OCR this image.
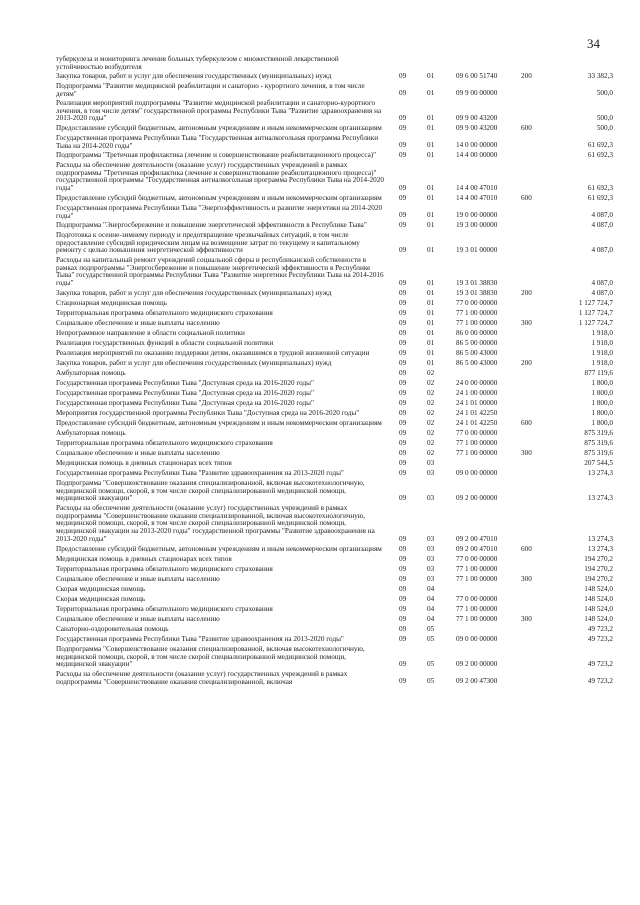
34
туберкулеза и мониторинга лечения больных туберкулезом с множественной лекарственной устойчивостью возбудителя
Закупка товаров, работ и услуг для обеспечения государственных (муниципальных) нужд	09	01	09 6 00 51740	200	33 382,3
Подпрограмма "Развитие медицинской реабилитации и санаторно - курортного лечения, в том числе детям"	09	01	09 9 00 00000	500,0
Реализация мероприятий подпрограммы "Развитие медицинской реабилитации и санаторно-курортного лечения, в том числе детям" государственной программы Республики Тыва "Развитие здравоохранения на 2013-2020 годы"	09	01	09 9 00 43200	500,0
Предоставление субсидий бюджетным, автономным учреждениям и иным некоммерческим организациям	09	01	09 9 00 43200	600	500,0
Государственная программа Республики Тыва "Государственная антиалкогольная программа Республики Тыва на 2014-2020 годы"	09	01	14 0 00 00000	61 692,3
Подпрограмма "Третичная профилактика (лечение и совершенствование реабилитационного процесса)"	09	01	14 4 00 00000	61 692,3
Расходы на обеспечение деятельности (оказание услуг) государственных учреждений в рамках подпрограммы "Третичная профилактика (лечение и совершенствование реабилитационного процесса)" государственной программы "Государственная антиалкогольная программа Республики Тыва на 2014-2020 годы"	09	01	14 4 00 47010	61 692,3
Предоставление субсидий бюджетным, автономным учреждениям и иным некоммерческим организациям	09	01	14 4 00 47010	600	61 692,3
Государственная программа Республики Тыва "Энергоэффективность и развитие энергетики на 2014-2020 годы"	09	01	19 0 00 00000	4 087,0
Подпрограмма "Энергосбережение и повышение энергетической эффективности в Республике Тыва"	09	01	19 3 00 00000	4 087,0
Подготовка к осенне-зимнему периоду и предотвращение чрезвычайных ситуаций, в том числе предоставление субсидий юридическим лицам на возмещение затрат по текущему и капитальному ремонту с целью повышения энергетической эффективности	09	01	19 3 01 00000	4 087,0
Расходы на капитальный ремонт учреждений социальной сферы и республиканской собственности в рамках подпрограммы "Энергосбережение и повышение энергетической эффективности в Республике Тыва" государственной программы Республики Тыва "Развитие энергетики Республики Тыва на 2014-2016 годы"	09	01	19 3 01 38830	4 087,0
Закупка товаров, работ и услуг для обеспечения государственных (муниципальных) нужд	09	01	19 3 01 38830	200	4 087,0
Стационарная медицинская помощь	09	01	77 0 00 00000	1 127 724,7
Территориальная программа обязательного медицинского страхования	09	01	77 1 00 00000	1 127 724,7
Социальное обеспечение и иные выплаты населению	09	01	77 1 00 00000	300	1 127 724,7
Непрограммное направление в области социальной политики	09	01	86 0 00 00000	1 918,0
Реализация государственных функций в области социальной политики	09	01	86 5 00 00000	1 918,0
Реализация мероприятий по оказанию поддержки детям, оказавшимся в трудной жизненной ситуации	09	01	86 5 00 43000	1 918,0
Закупка товаров, работ и услуг для обеспечения государственных (муниципальных) нужд	09	01	86 5 00 43000	200	1 918,0
Амбулаторная помощь	09	02	877 119,6
Государственная программа Республики Тыва "Доступная среда на 2016-2020 годы"	09	02	24 0 00 00000	1 800,0
Государственная программа Республики Тыва "Доступная среда на 2016-2020 годы"	09	02	24 1 00 00000	1 800,0
Государственная программа Республики Тыва "Доступная среда на 2016-2020 годы"	09	02	24 1 01 00000	1 800,0
Мероприятия государственной программы Республики Тыва "Доступная среда на 2016-2020 годы"	09	02	24 1 01 42250	1 800,0
Предоставление субсидий бюджетным, автономным учреждениям и иным некоммерческим организациям	09	02	24 1 01 42250	600	1 800,0
Амбулаторная помощь	09	02	77 0 00 00000	875 319,6
Территориальная программа обязательного медицинского страхования	09	02	77 1 00 00000	875 319,6
Социальное обеспечение и иные выплаты населению	09	02	77 1 00 00000	300	875 319,6
Медицинская помощь в дневных стационарах всех типов	09	03	207 544,5
Государственная программа Республики Тыва "Развитие здравоохранения на 2013-2020 годы"	09	03	09 0 00 00000	13 274,3
Подпрограмма "Совершенствование оказания специализированной, включая высокотехнологичную, медицинской помощи, скорой, в том числе скорой специализированной медицинской помощи, медицинской эвакуации"	09	03	09 2 00 00000	13 274,3
Расходы на обеспечение деятельности (оказание услуг) государственных учреждений в рамках подпрограммы "Совершенствование оказания специализированной, включая высокотехнологичную, медицинской помощи, скорой, в том числе скорой специализированной медицинской помощи, медицинской эвакуации на 2013-2020 годы" государственной программы "Развитие здравоохранения на 2013-2020 годы"	09	03	09 2 00 47010	13 274,3
Предоставление субсидий бюджетным, автономным учреждениям и иным некоммерческим организациям	09	03	09 2 00 47010	600	13 274,3
Медицинская помощь в дневных стационарах всех типов	09	03	77 0 00 00000	194 270,2
Территориальная программа обязательного медицинского страхования	09	03	77 1 00 00000	194 270,2
Социальное обеспечение и иные выплаты населению	09	03	77 1 00 00000	300	194 270,2
Скорая медицинская помощь	09	04	148 524,0
Скорая медицинская помощь	09	04	77 0 00 00000	148 524,0
Территориальная программа обязательного медицинского страхования	09	04	77 1 00 00000	148 524,0
Социальное обеспечение и иные выплаты населению	09	04	77 1 00 00000	300	148 524,0
Санаторно-оздоровительная помощь	09	05	49 723,2
Государственная программа Республики Тыва "Развитие здравоохранения на 2013-2020 годы"	09	05	09 0 00 00000	49 723,2
Подпрограмма "Совершенствование оказания специализированной, включая высокотехнологичную, медицинской помощи, скорой, в том числе скорой специализированной медицинской помощи, медицинской эвакуации"	09	05	09 2 00 00000	49 723,2
Расходы на обеспечение деятельности (оказание услуг) государственных учреждений в рамках подпрограммы "Совершенствование оказания специализированной, включая	09	05	09 2 00 47300	49 723,2
